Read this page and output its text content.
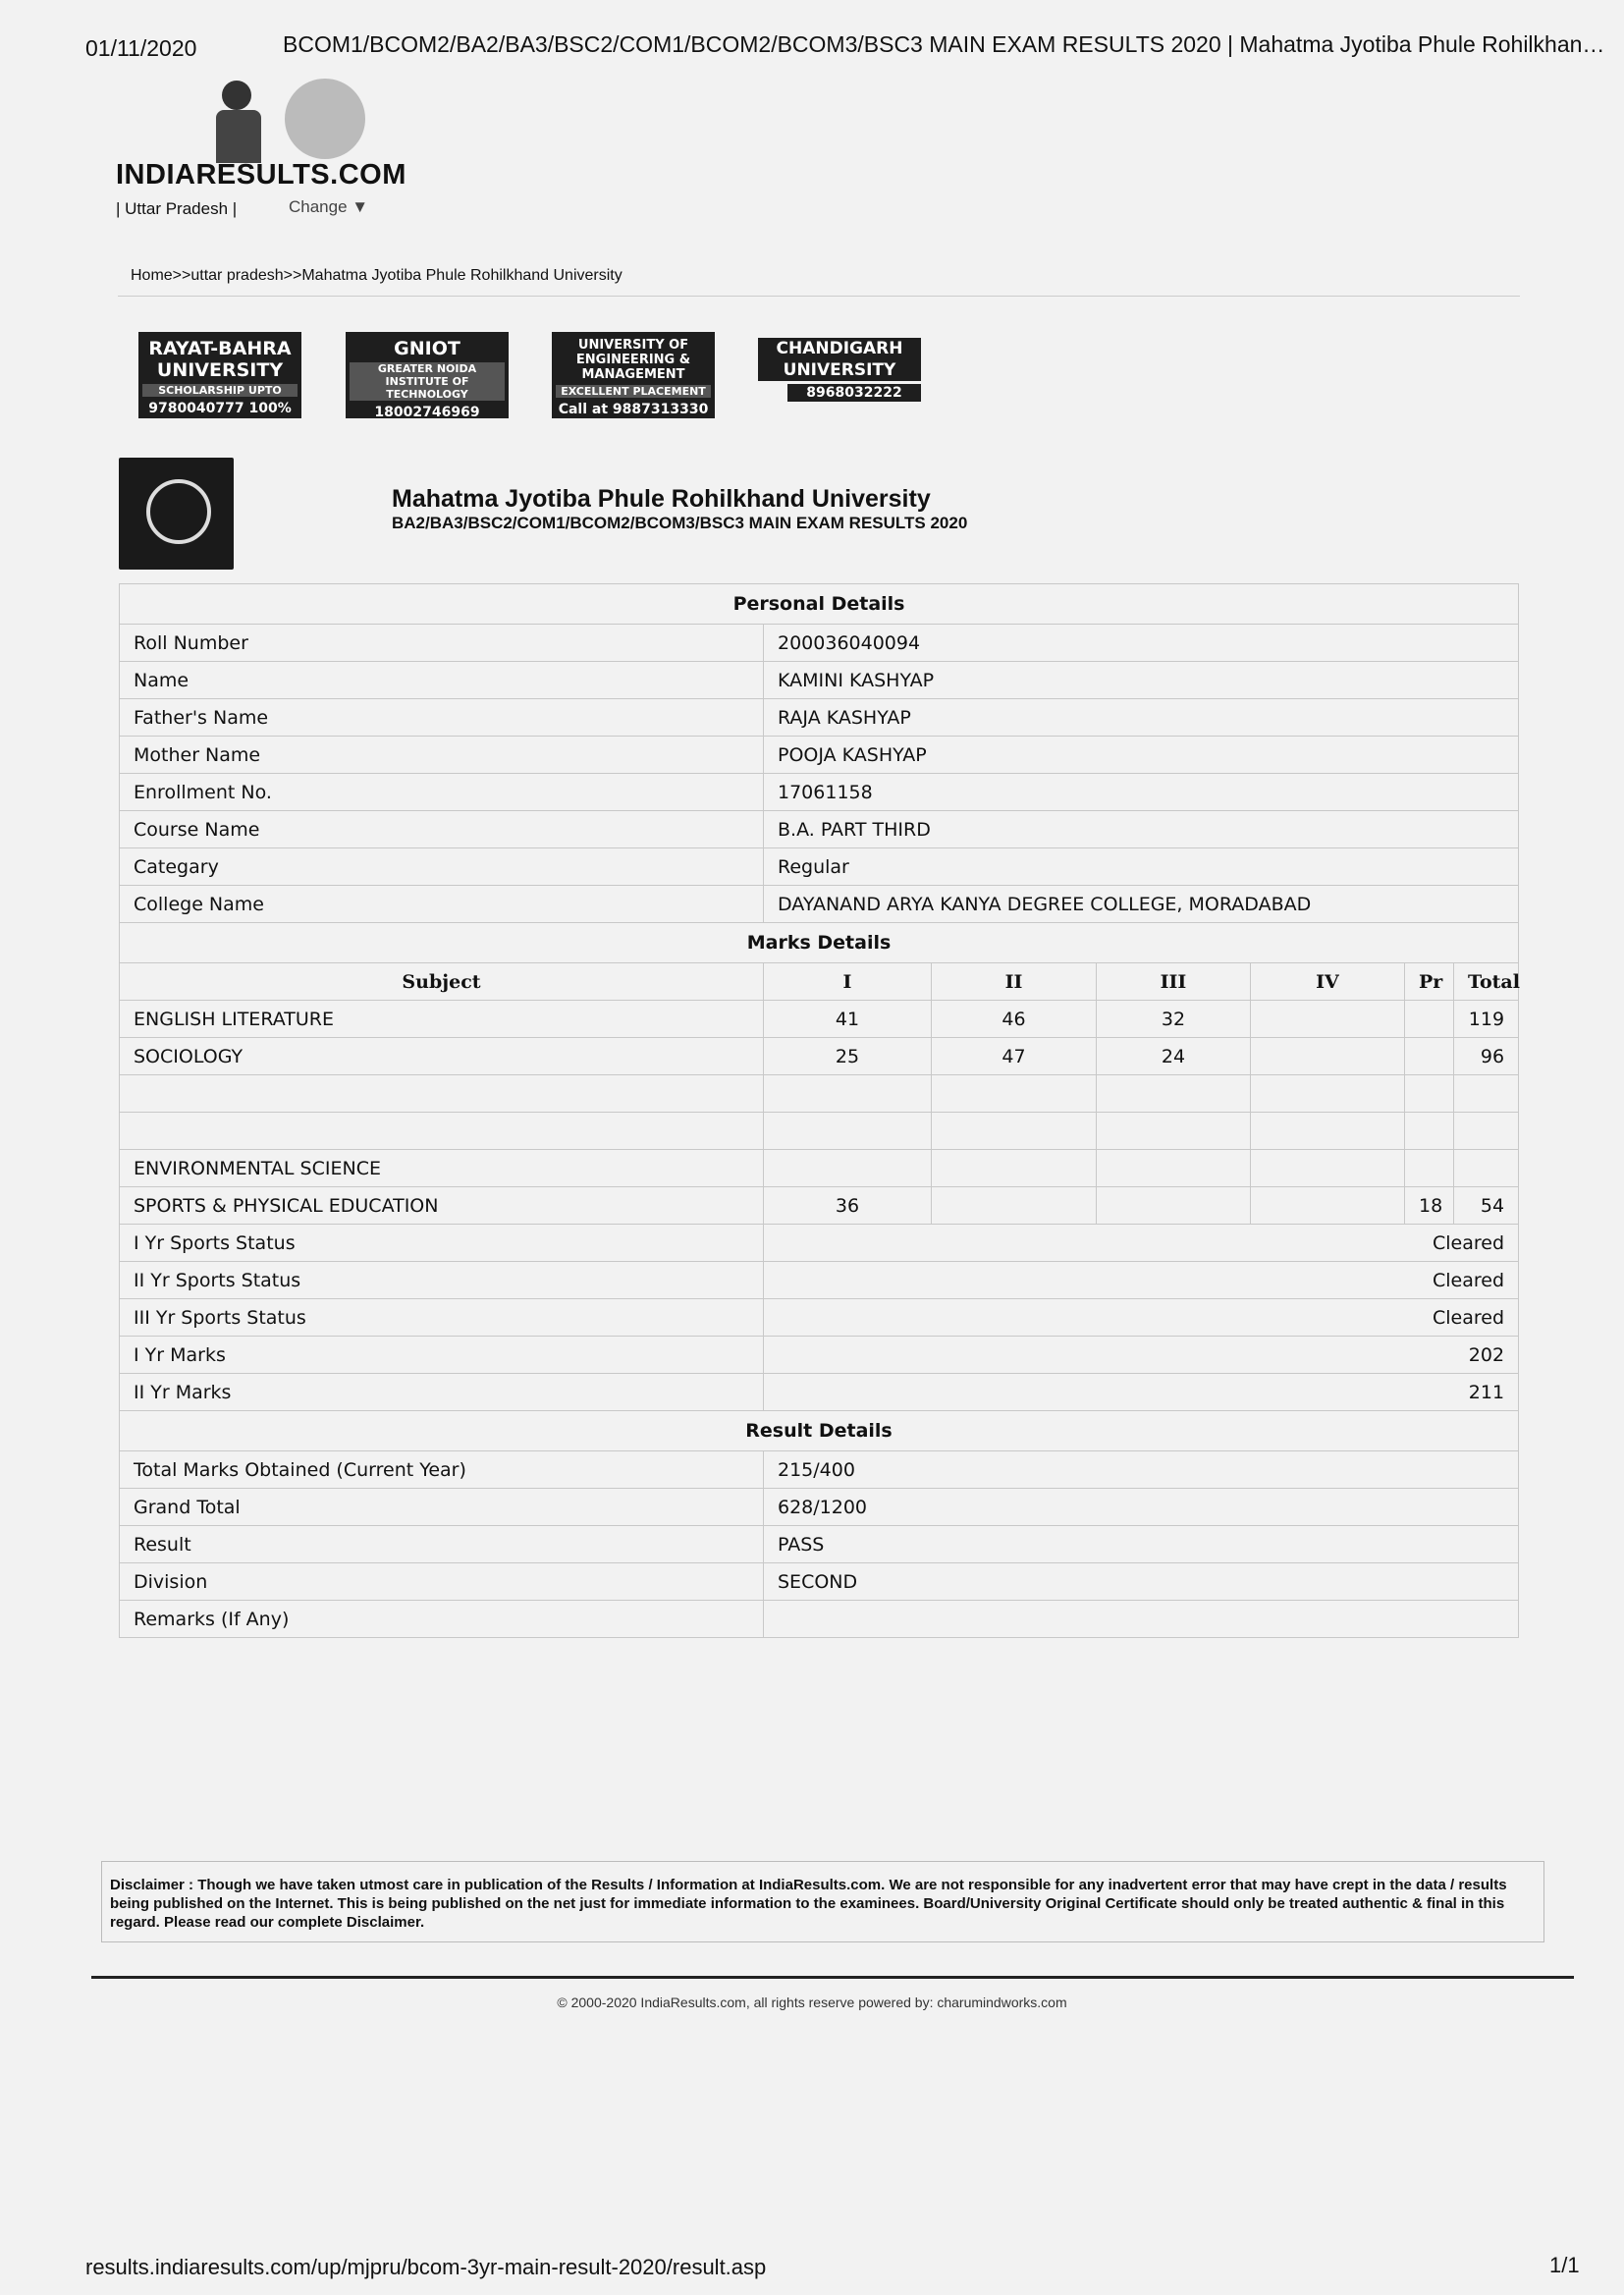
01/11/2020	BCOM1/BCOM2/BA2/BA3/BSC2/COM1/BCOM2/BCOM3/BSC3 MAIN EXAM RESULTS 2020 | Mahatma Jyotiba Phule Rohilkhan…
INDIARESULTS.COM
| Uttar Pradesh |	Change ▼
Home>>uttar pradesh>>Mahatma Jyotiba Phule Rohilkhand University
RAYAT-BAHRA UNIVERSITY
SCHOLARSHIP UPTO
9780040777 100%
GNIOT
GREATER NOIDA INSTITUTE OF TECHNOLOGY
18002746969
UNIVERSITY OF ENGINEERING & MANAGEMENT
EXCELLENT PLACEMENT
Call at 9887313330
CHANDIGARH UNIVERSITY
8968032222
Mahatma Jyotiba Phule Rohilkhand University
BA2/BA3/BSC2/COM1/BCOM2/BCOM3/BSC3 MAIN EXAM RESULTS 2020
Personal Details						
Roll Number	200036040094					
Name	KAMINI KASHYAP					
Father's Name	RAJA KASHYAP					
Mother Name	POOJA KASHYAP					
Enrollment No.	17061158					
Course Name	B.A. PART THIRD					
Categary	Regular					
College Name	DAYANAND ARYA KANYA DEGREE COLLEGE, MORADABAD					
Marks Details						
Subject	I	II	III	IV	Pr	Total
ENGLISH LITERATURE	41	46	32			119
SOCIOLOGY	25	47	24			96

ENVIRONMENTAL SCIENCE						
SPORTS & PHYSICAL EDUCATION	36				18	54
I Yr Sports Status	Cleared					
II Yr Sports Status	Cleared					
III Yr Sports Status	Cleared					
I Yr Marks	202					
II Yr Marks	211					
Result Details						
Total Marks Obtained (Current Year)	215/400					
Grand Total	628/1200					
Result	PASS					
Division	SECOND					
Remarks (If Any)						
Disclaimer : Though we have taken utmost care in publication of the Results / Information at IndiaResults.com. We are not responsible for any inadvertent error that may have crept in the data / results being published on the Internet. This is being published on the net just for immediate information to the examinees. Board/University Original Certificate should only be treated authentic & final in this regard. Please read our complete Disclaimer.
© 2000-2020 IndiaResults.com, all rights reserve powered by: charumindworks.com
results.indiaresults.com/up/mjpru/bcom-3yr-main-result-2020/result.asp	1/1
